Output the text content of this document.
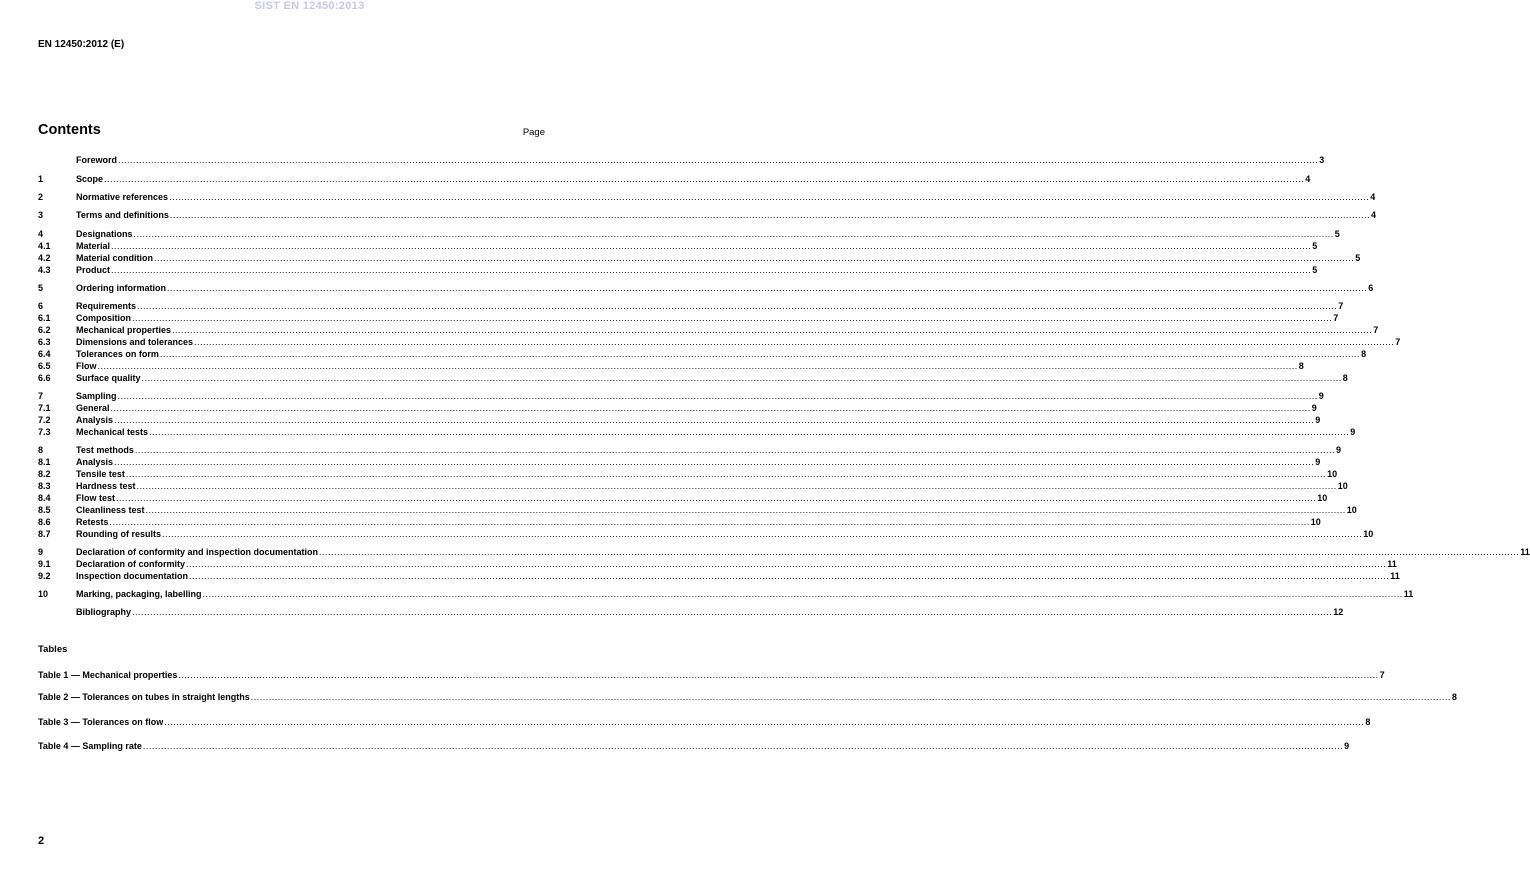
SIST EN 12450:2013
EN 12450:2012 (E)
Contents	Page
Foreword ................................................................................................................................................................................................................................................................................................................................................................................................................ 3
1	Scope ................................................................................................................................................................................................................................................................................................................................................................................................................ 4
2	Normative references ................................................................................................................................................................................................................................................................................................................................................................................................................ 4
3	Terms and definitions ................................................................................................................................................................................................................................................................................................................................................................................................................ 4
4	Designations ................................................................................................................................................................................................................................................................................................................................................................................................................ 5
4.1	Material ................................................................................................................................................................................................................................................................................................................................................................................................................ 5
4.2	Material condition ................................................................................................................................................................................................................................................................................................................................................................................................................ 5
4.3	Product ................................................................................................................................................................................................................................................................................................................................................................................................................ 5
5	Ordering information ................................................................................................................................................................................................................................................................................................................................................................................................................ 6
6	Requirements ................................................................................................................................................................................................................................................................................................................................................................................................................ 7
6.1	Composition ................................................................................................................................................................................................................................................................................................................................................................................................................ 7
6.2	Mechanical properties ................................................................................................................................................................................................................................................................................................................................................................................................................ 7
6.3	Dimensions and tolerances ................................................................................................................................................................................................................................................................................................................................................................................................................ 7
6.4	Tolerances on form ................................................................................................................................................................................................................................................................................................................................................................................................................ 8
6.5	Flow ................................................................................................................................................................................................................................................................................................................................................................................................................ 8
6.6	Surface quality ................................................................................................................................................................................................................................................................................................................................................................................................................ 8
7	Sampling ................................................................................................................................................................................................................................................................................................................................................................................................................ 9
7.1	General ................................................................................................................................................................................................................................................................................................................................................................................................................ 9
7.2	Analysis ................................................................................................................................................................................................................................................................................................................................................................................................................ 9
7.3	Mechanical tests ................................................................................................................................................................................................................................................................................................................................................................................................................ 9
8	Test methods ................................................................................................................................................................................................................................................................................................................................................................................................................ 9
8.1	Analysis ................................................................................................................................................................................................................................................................................................................................................................................................................ 9
8.2	Tensile test ................................................................................................................................................................................................................................................................................................................................................................................................................ 10
8.3	Hardness test ................................................................................................................................................................................................................................................................................................................................................................................................................ 10
8.4	Flow test ................................................................................................................................................................................................................................................................................................................................................................................................................ 10
8.5	Cleanliness test ................................................................................................................................................................................................................................................................................................................................................................................................................ 10
8.6	Retests ................................................................................................................................................................................................................................................................................................................................................................................................................ 10
8.7	Rounding of results ................................................................................................................................................................................................................................................................................................................................................................................................................ 10
9	Declaration of conformity and inspection documentation ................................................................................................................................................................................................................................................................................................................................................................................................................ 11
9.1	Declaration of conformity ................................................................................................................................................................................................................................................................................................................................................................................................................ 11
9.2	Inspection documentation ................................................................................................................................................................................................................................................................................................................................................................................................................ 11
10	Marking, packaging, labelling ................................................................................................................................................................................................................................................................................................................................................................................................................ 11
Bibliography ................................................................................................................................................................................................................................................................................................................................................................................................................ 12
Tables
Table 1 — Mechanical properties ................................................................................................................................................................................................................................................................................................................................................................................................................ 7
Table 2 — Tolerances on tubes in straight lengths ................................................................................................................................................................................................................................................................................................................................................................................................................ 8
Table 3 — Tolerances on flow ................................................................................................................................................................................................................................................................................................................................................................................................................ 8
Table 4 — Sampling rate ................................................................................................................................................................................................................................................................................................................................................................................................................ 9
2
